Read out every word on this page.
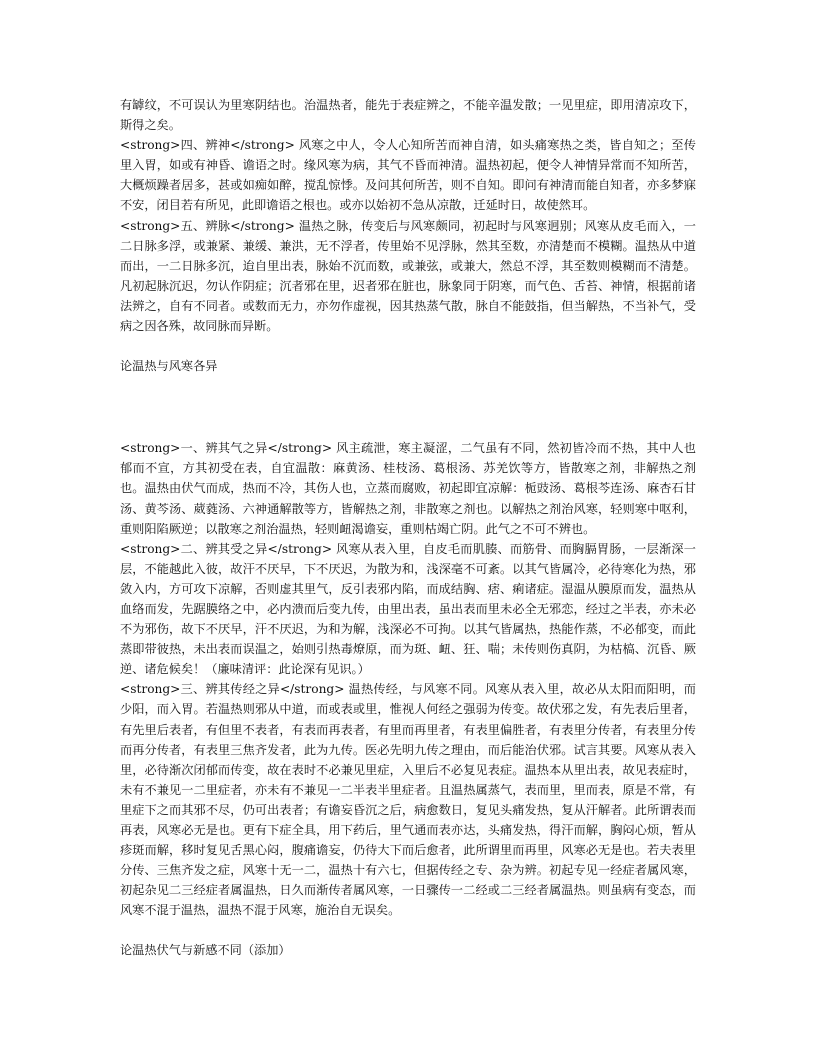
有罅纹，不可误认为里寒阴结也。治温热者，能先于表症辨之，不能辛温发散；一见里症，即用清凉攻下，斯得之矣。

<strong>四、辨神</strong> 风寒之中人，令人心知所苦而神自清，如头痛寒热之类，皆自知之；至传里入胃，如或有神昏、谵语之时。缘风寒为病，其气不昏而神清。温热初起，便令人神情异常而不知所苦，大概烦躁者居多，甚或如痴如醉，搅乱惊悸。及问其何所苦，则不自知。即问有神清而能自知者，亦多梦寐不安，闭目若有所见，此即谵语之根也。或亦以始初不急从凉散，迁延时日，故使然耳。

<strong>五、辨脉</strong> 温热之脉，传变后与风寒颇同，初起时与风寒迥别；风寒从皮毛而入，一二日脉多浮，或兼紧、兼缓、兼洪，无不浮者，传里始不见浮脉，然其至数，亦清楚而不模糊。温热从中道而出，一二日脉多沉，迨自里出表，脉始不沉而数，或兼弦，或兼大，然总不浮，其至数则模糊而不清楚。凡初起脉沉迟，勿认作阴症；沉者邪在里，迟者邪在脏也，脉象同于阴寒，而气色、舌苔、神情，根据前诸法辨之，自有不同者。或数而无力，亦勿作虚视，因其热蒸气散，脉自不能鼓指，但当解热，不当补气，受病之因各殊，故同脉而异断。

论温热与风寒各异

<strong>一、辨其气之异</strong> 风主疏泄，寒主凝涩，二气虽有不同，然初皆冷而不热，其中人也郁而不宣，方其初受在表，自宜温散：麻黄汤、桂枝汤、葛根汤、苏羌饮等方，皆散寒之剂，非解热之剂也。温热由伏气而成，热而不冷，其伤人也，立蒸而腐败，初起即宜凉解：栀豉汤、葛根芩连汤、麻杏石甘汤、黄芩汤、葳蕤汤、六神通解散等方，皆解热之剂，非散寒之剂也。以解热之剂治风寒，轻则寒中呕利，重则阳陷厥逆；以散寒之剂治温热，轻则衄渴谵妄，重则枯竭亡阴。此气之不可不辨也。

<strong>二、辨其受之异</strong> 风寒从表入里，自皮毛而肌腠、而筋骨、而胸膈胃肠，一层渐深一层，不能越此入彼，故汗不厌早，下不厌迟，为散为和，浅深毫不可紊。以其气皆属冷，必待寒化为热，邪敛入内，方可攻下凉解，否则虚其里气，反引表邪内陷，而成结胸、痞、痢诸症。湿温从膜原而发，温热从血络而发，先踞膜络之中，必内溃而后变九传，由里出表，虽出表而里未必全无邪恋，经过之半表，亦未必不为邪伤，故下不厌早，汗不厌迟，为和为解，浅深必不可拘。以其气皆属热，热能作蒸，不必郁变，而此蒸即带彼热，未出表而误温之，始则引热毒燎原，而为斑、衄、狂、喘；未传则伤真阴，为枯槁、沉昏、厥逆、诸危候矣！（廉味清评：此论深有见识。）

<strong>三、辨其传经之异</strong> 温热传经，与风寒不同。风寒从表入里，故必从太阳而阳明，而少阳，而入胃。若温热则邪从中道，而或表或里，惟视人何经之强弱为传变。故伏邪之发，有先表后里者，有先里后表者，有但里不表者，有表而再表者，有里而再里者，有表里偏胜者，有表里分传者，有表里分传而再分传者，有表里三焦齐发者，此为九传。医必先明九传之理由，而后能治伏邪。试言其要。风寒从表入里，必待渐次闭郁而传变，故在表时不必兼见里症，入里后不必复见表症。温热本从里出表，故见表症时，未有不兼见一二里症者，亦未有不兼见一二半表半里症者。且温热属蒸气，表而里，里而表，原是不常，有里症下之而其邪不尽，仍可出表者；有谵妄昏沉之后，病愈数日，复见头痛发热，复从汗解者。此所谓表而再表，风寒必无是也。更有下症全具，用下药后，里气通而表亦达，头痛发热，得汗而解，胸闷心烦，暂从疹斑而解，移时复见舌黑心闷，腹痛谵妄，仍待大下而后愈者，此所谓里而再里，风寒必无是也。若夫表里分传、三焦齐发之症，风寒十无一二，温热十有六七，但据传经之专、杂为辨。初起专见一经症者属风寒，初起杂见二三经症者属温热，日久而渐传者属风寒，一日骤传一二经或二三经者属温热。则虽病有变态，而风寒不混于温热，温热不混于风寒，施治自无误矣。

论温热伏气与新感不同（添加）
